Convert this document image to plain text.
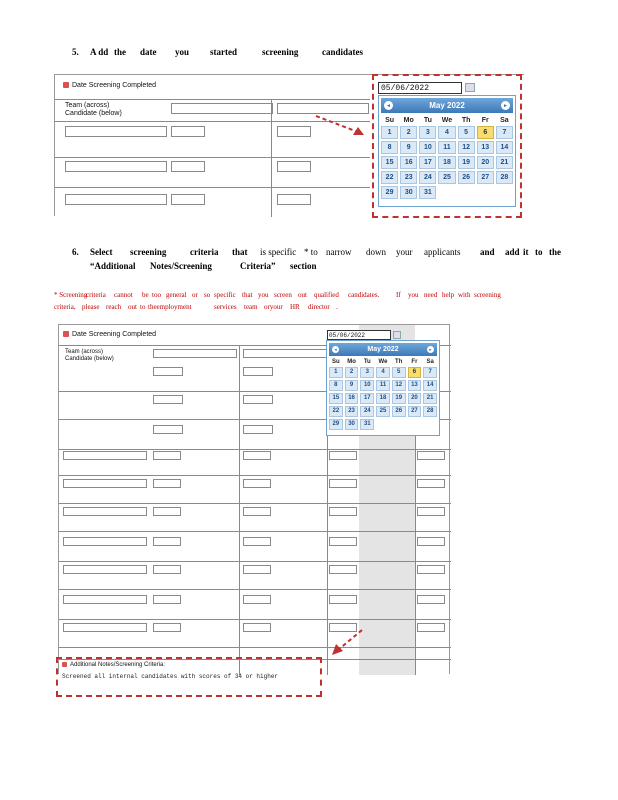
5.	A dd the	date	you	started	screening	candidates
Date Screening Completed
Team (across)
Candidate (below)
05/06/2022
◄	May 2022	►
Su	Mo	Tu	We	Th	Fr	Sa
1	2	3	4	5	6	7
8	9	10	11	12	13	14
15	16	17	18	19	20	21
22	23	24	25	26	27	28
29	30	31
6.	Select	screening	criteria	that	is specific * to narrow	down	your	applicants	and	add it to the
“Additional	Notes/Screening	Criteria”	section
* Screening
criteria	cannot	be too general or so specific that you screen out	qualified	candidates.	If	you need help with screening
criteria, please reach out to theemployment	services	team oryour	HR	director .
Date Screening Completed	05/06/2022
Team (across)
Candidate (below)
◄	May 2022	►
Su	Mo	Tu	We	Th	Fr	Sa
1	2	3	4	5	6	7
8	9	10	11	12	13	14
15	16	17	18	19	20	21
22	23	24	25	26	27	28
29	30	31
Additional Notes/Screening Criteria:
Screened all internal candidates with scores of 34 or higher
